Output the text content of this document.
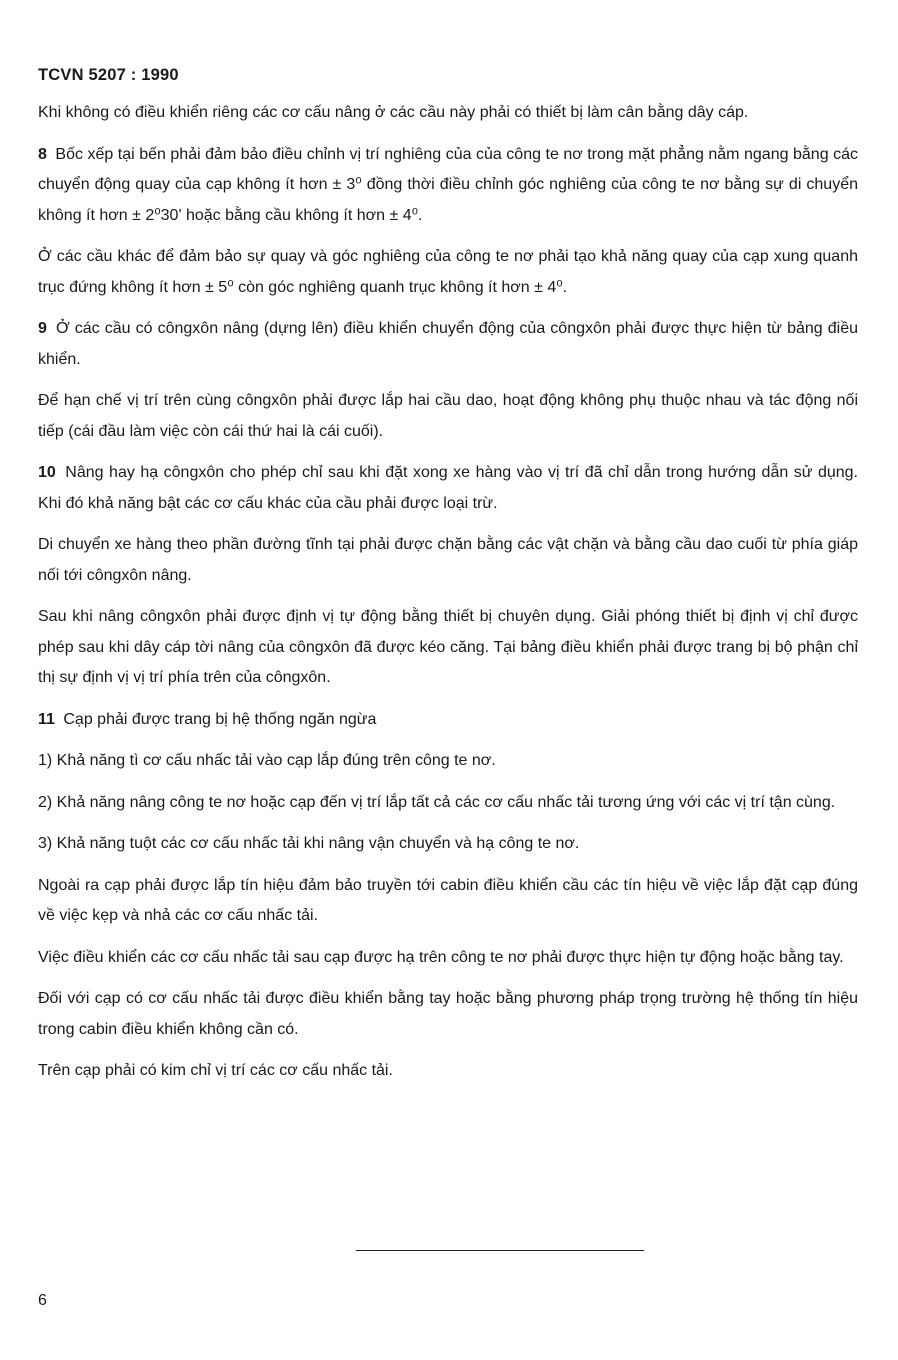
TCVN 5207 : 1990

Khi không có điều khiển riêng các cơ cấu nâng ở các cầu này phải có thiết bị làm cân bằng dây cáp.

8 Bốc xếp tại bến phải đảm bảo điều chỉnh vị trí nghiêng của của công te nơ trong mặt phẳng nằm ngang bằng các chuyển động quay của cạp không ít hơn ± 3⁰ đồng thời điều chỉnh góc nghiêng của công te nơ bằng sự di chuyển không ít hơn ± 2⁰30' hoặc bằng cầu không ít hơn ± 4⁰.

Ở các cầu khác để đảm bảo sự quay và góc nghiêng của công te nơ phải tạo khả năng quay của cạp xung quanh trục đứng không ít hơn ± 5⁰ còn góc nghiêng quanh trục không ít hơn ± 4⁰.

9 Ở các cầu có côngxôn nâng (dựng lên) điều khiển chuyển động của côngxôn phải được thực hiện từ bảng điều khiển.

Để hạn chế vị trí trên cùng côngxôn phải được lắp hai cầu dao, hoạt động không phụ thuộc nhau và tác động nối tiếp (cái đầu làm việc còn cái thứ hai là cái cuối).

10 Nâng hay hạ côngxôn cho phép chỉ sau khi đặt xong xe hàng vào vị trí đã chỉ dẫn trong hướng dẫn sử dụng. Khi đó khả năng bật các cơ cấu khác của cầu phải được loại trừ.

Di chuyển xe hàng theo phần đường tĩnh tại phải được chặn bằng các vật chặn và bằng cầu dao cuối từ phía giáp nối tới côngxôn nâng.

Sau khi nâng côngxôn phải được định vị tự động bằng thiết bị chuyên dụng. Giải phóng thiết bị định vị chỉ được phép sau khi dây cáp tời nâng của côngxôn đã được kéo căng. Tại bảng điều khiển phải được trang bị bộ phận chỉ thị sự định vị vị trí phía trên của côngxôn.

11 Cạp phải được trang bị hệ thống ngăn ngừa

1) Khả năng tì cơ cấu nhấc tải vào cạp lắp đúng trên công te nơ.

2) Khả năng nâng công te nơ hoặc cạp đến vị trí lắp tất cả các cơ cấu nhấc tải tương ứng với các vị trí tận cùng.

3) Khả năng tuột các cơ cấu nhấc tải khi nâng vận chuyển và hạ công te nơ.

Ngoài ra cạp phải được lắp tín hiệu đảm bảo truyền tới cabin điều khiển cầu các tín hiệu về việc lắp đặt cạp đúng về việc kẹp và nhả các cơ cấu nhấc tải.

Việc điều khiển các cơ cấu nhấc tải sau cạp được hạ trên công te nơ phải được thực hiện tự động hoặc bằng tay.

Đối với cạp có cơ cấu nhấc tải được điều khiển bằng tay hoặc bằng phương pháp trọng trường hệ thống tín hiệu trong cabin điều khiển không cần có.

Trên cạp phải có kim chỉ vị trí các cơ cấu nhấc tải.

6
